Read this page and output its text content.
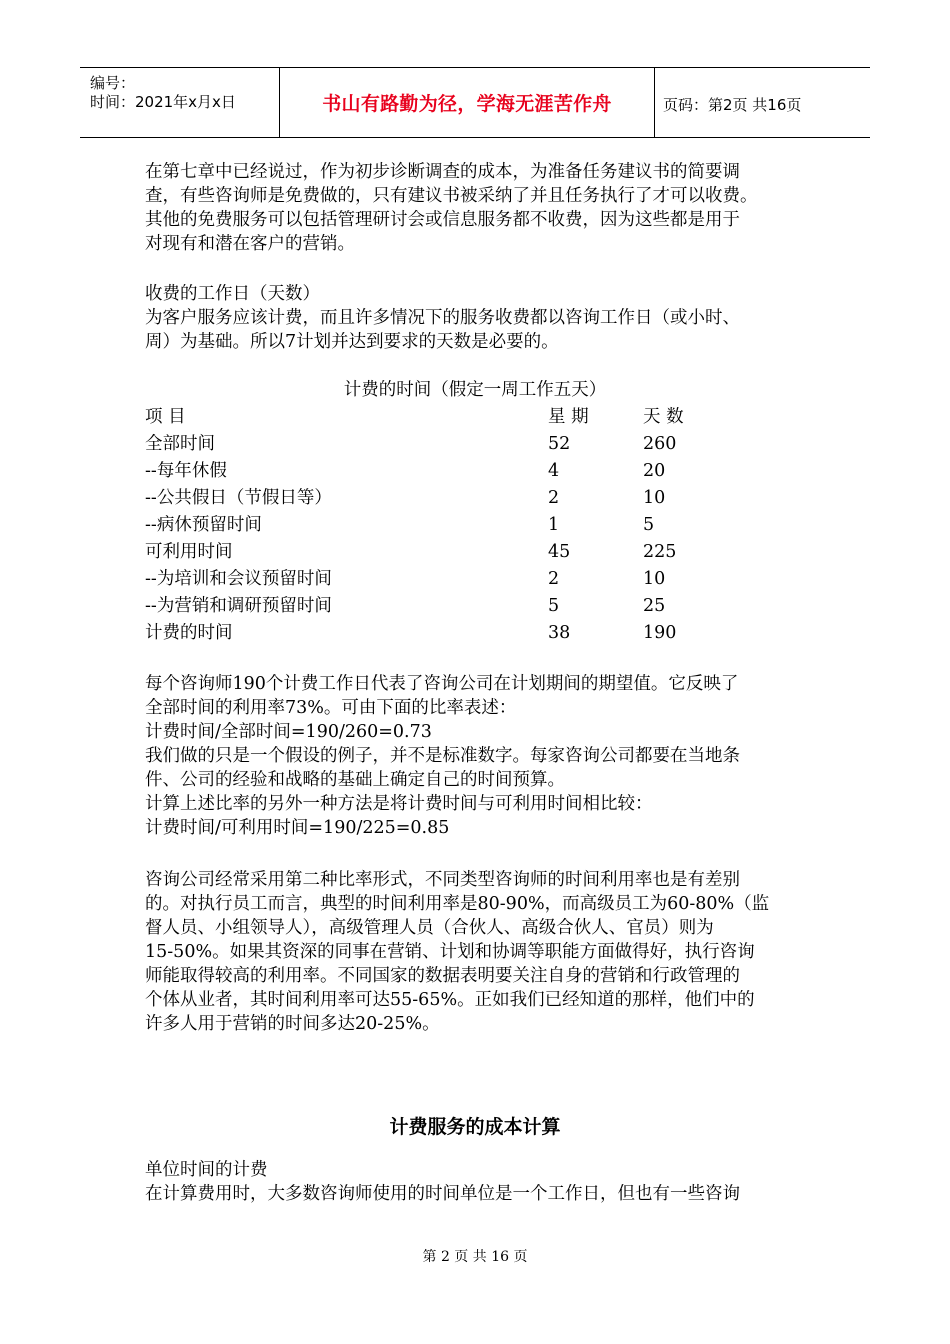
编号：
时间：2021年x月x日	书山有路勤为径，学海无涯苦作舟	页码：第2页 共16页
在第七章中已经说过，作为初步诊断调查的成本，为准备任务建议书的简要调
查，有些咨询师是免费做的，只有建议书被采纳了并且任务执行了才可以收费。
其他的免费服务可以包括管理研讨会或信息服务都不收费，因为这些都是用于
对现有和潜在客户的营销。
收费的工作日（天数）
为客户服务应该计费，而且许多情况下的服务收费都以咨询工作日（或小时、
周）为基础。所以7计划并达到要求的天数是必要的。
计费的时间（假定一周工作五天）
项 目	星 期	天 数
全部时间	52	260
--每年休假	4	20
--公共假日（节假日等）	2	10
--病休预留时间	1	5
可利用时间	45	225
--为培训和会议预留时间	2	10
--为营销和调研预留时间	5	25
计费的时间	38	190
每个咨询师190个计费工作日代表了咨询公司在计划期间的期望值。它反映了
全部时间的利用率73%。可由下面的比率表述：
计费时间/全部时间=190/260=0.73
我们做的只是一个假设的例子，并不是标准数字。每家咨询公司都要在当地条
件、公司的经验和战略的基础上确定自己的时间预算。
计算上述比率的另外一种方法是将计费时间与可利用时间相比较：
计费时间/可利用时间=190/225=0.85
咨询公司经常采用第二种比率形式，不同类型咨询师的时间利用率也是有差别
的。对执行员工而言，典型的时间利用率是80-90%，而高级员工为60-80%（监
督人员、小组领导人），高级管理人员（合伙人、高级合伙人、官员）则为
15-50%。如果其资深的同事在营销、计划和协调等职能方面做得好，执行咨询
师能取得较高的利用率。不同国家的数据表明要关注自身的营销和行政管理的
个体从业者，其时间利用率可达55-65%。正如我们已经知道的那样，他们中的
许多人用于营销的时间多达20-25%。
计费服务的成本计算
单位时间的计费
在计算费用时，大多数咨询师使用的时间单位是一个工作日，但也有一些咨询
第 2 页 共 16 页
